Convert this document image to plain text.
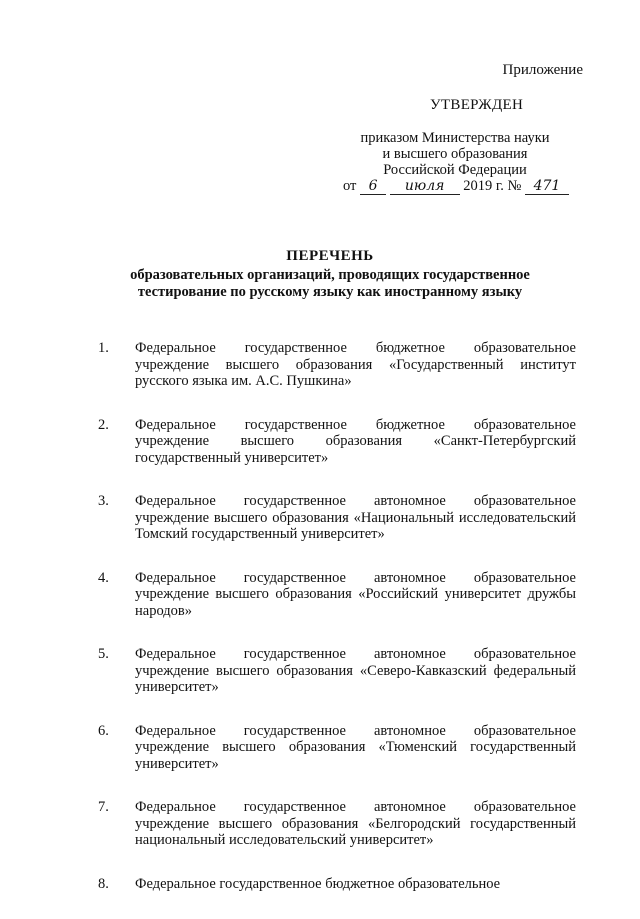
Приложение
УТВЕРЖДЕН
приказом Министерства науки
и высшего образования
Российской Федерации
от 6 июля 2019 г. № 471
ПЕРЕЧЕНЬ
образовательных организаций, проводящих государственное
тестирование по русскому языку как иностранному языку
1.	Федеральное государственное бюджетное образовательное учреждение высшего образования «Государственный институт русского языка им. А.С. Пушкина»
2.	Федеральное государственное бюджетное образовательное учреждение высшего образования «Санкт-Петербургский государственный университет»
3.	Федеральное государственное автономное образовательное учреждение высшего образования «Национальный исследовательский Томский государственный университет»
4.	Федеральное государственное автономное образовательное учреждение высшего образования «Российский университет дружбы народов»
5.	Федеральное государственное автономное образовательное учреждение высшего образования «Северо-Кавказский федеральный университет»
6.	Федеральное государственное автономное образовательное учреждение высшего образования «Тюменский государственный университет»
7.	Федеральное государственное автономное образовательное учреждение высшего образования «Белгородский государственный национальный исследовательский университет»
8.	Федеральное государственное бюджетное образовательное
